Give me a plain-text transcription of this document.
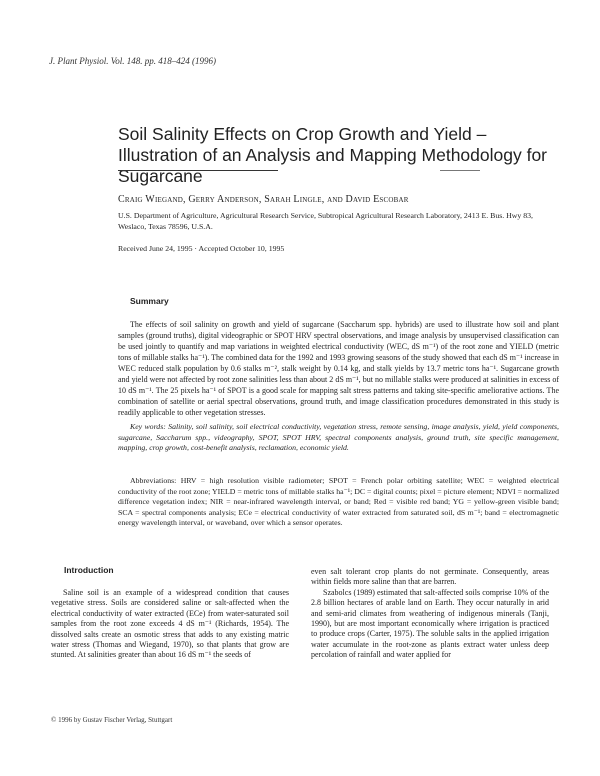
J. Plant Physiol. Vol. 148. pp. 418–424 (1996)
Soil Salinity Effects on Crop Growth and Yield – Illustration of an Analysis and Mapping Methodology for Sugarcane
Craig Wiegand, Gerry Anderson, Sarah Lingle, and David Escobar
U.S. Department of Agriculture, Agricultural Research Service, Subtropical Agricultural Research Laboratory, 2413 E. Bus. Hwy 83, Weslaco, Texas 78596, U.S.A.
Received June 24, 1995 · Accepted October 10, 1995
Summary
The effects of soil salinity on growth and yield of sugarcane (Saccharum spp. hybrids) are used to illustrate how soil and plant samples (ground truths), digital videographic or SPOT HRV spectral observations, and image analysis by unsupervised classification can be used jointly to quantify and map variations in weighted electrical conductivity (WEC, dS m⁻¹) of the root zone and YIELD (metric tons of millable stalks ha⁻¹). The combined data for the 1992 and 1993 growing seasons of the study showed that each dS m⁻¹ increase in WEC reduced stalk population by 0.6 stalks m⁻², stalk weight by 0.14 kg, and stalk yields by 13.7 metric tons ha⁻¹. Sugarcane growth and yield were not affected by root zone salinities less than about 2 dS m⁻¹, but no millable stalks were produced at salinities in excess of 10 dS m⁻¹. The 25 pixels ha⁻¹ of SPOT is a good scale for mapping salt stress patterns and taking site-specific ameliorative actions. The combination of satellite or aerial spectral observations, ground truth, and image classification procedures demonstrated in this study is readily applicable to other vegetation stresses.
Key words: Salinity, soil salinity, soil electrical conductivity, vegetation stress, remote sensing, image analysis, yield, yield components, sugarcane, Saccharum spp., videography, SPOT, SPOT HRV, spectral components analysis, ground truth, site specific management, mapping, crop growth, cost-benefit analysis, reclamation, economic yield.
Abbreviations: HRV = high resolution visible radiometer; SPOT = French polar orbiting satellite; WEC = weighted electrical conductivity of the root zone; YIELD = metric tons of millable stalks ha⁻¹; DC = digital counts; pixel = picture element; NDVI = normalized difference vegetation index; NIR = near-infrared wavelength interval, or band; Red = visible red band; YG = yellow-green visible band; SCA = spectral components analysis; ECe = electrical conductivity of water extracted from saturated soil, dS m⁻¹; band = electromagnetic energy wavelength interval, or waveband, over which a sensor operates.
Introduction
Saline soil is an example of a widespread condition that causes vegetative stress. Soils are considered saline or salt-affected when the electrical conductivity of water extracted (ECe) from water-saturated soil samples from the root zone exceeds 4 dS m⁻¹ (Richards, 1954). The dissolved salts create an osmotic stress that adds to any existing matric water stress (Thomas and Wiegand, 1970), so that plants that grow are stunted. At salinities greater than about 16 dS m⁻¹ the seeds of
even salt tolerant crop plants do not germinate. Consequently, areas within fields more saline than that are barren.
Szabolcs (1989) estimated that salt-affected soils comprise 10% of the 2.8 billion hectares of arable land on Earth. They occur naturally in arid and semi-arid climates from weathering of indigenous minerals (Tanji, 1990), but are most important economically where irrigation is practiced to produce crops (Carter, 1975). The soluble salts in the applied irrigation water accumulate in the root-zone as plants extract water unless deep percolation of rainfall and water applied for
© 1996 by Gustav Fischer Verlag, Stuttgart
